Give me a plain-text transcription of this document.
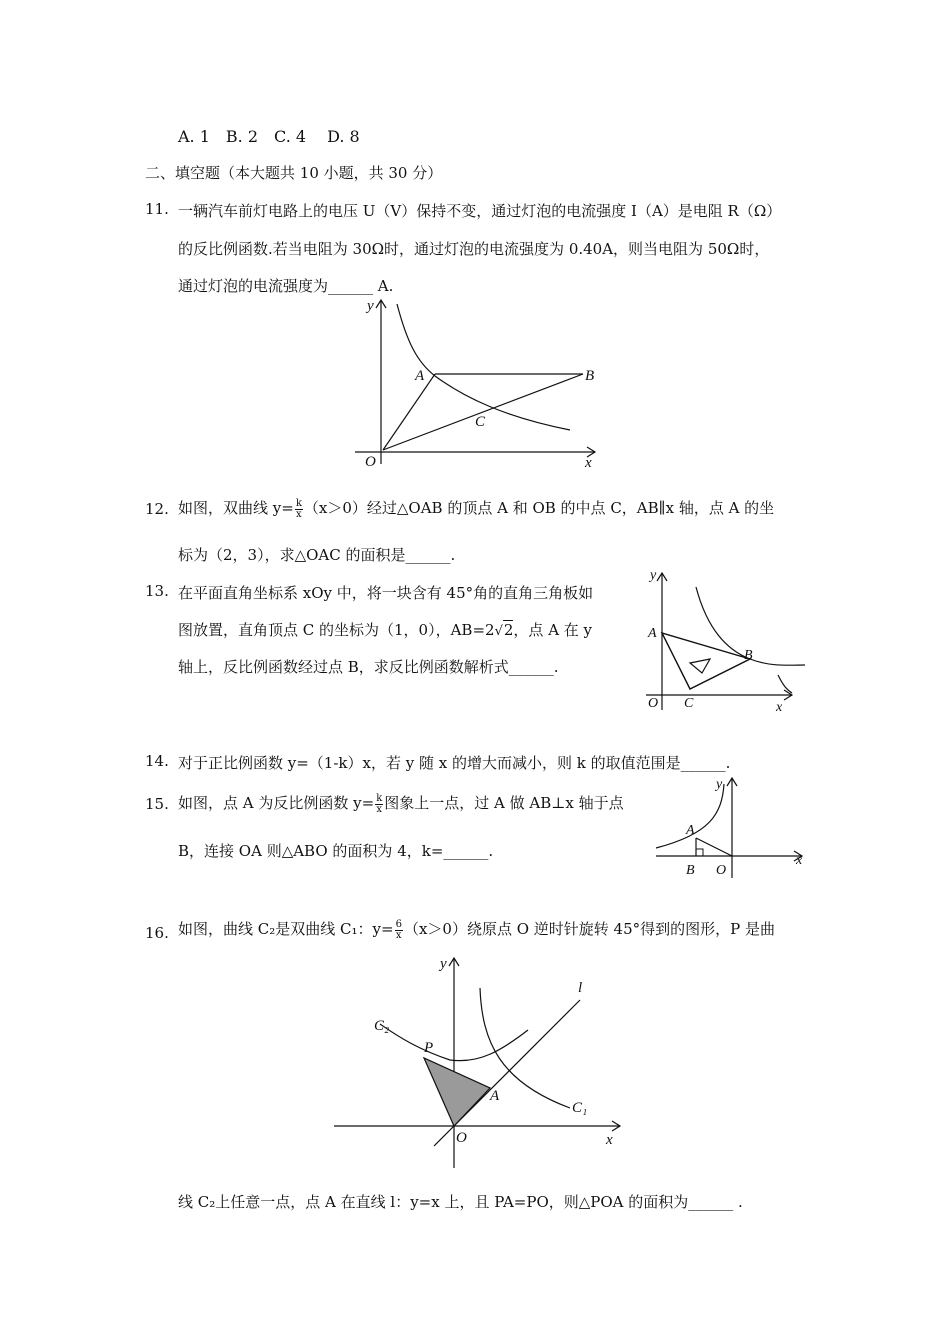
A. 1　B. 2　C. 4　 D. 8
二、填空题（本大题共 10 小题，共 30 分）
11. 一辆汽车前灯电路上的电压 U（V）保持不变，通过灯泡的电流强度 I（A）是电阻 R（Ω）
的反比例函数.若当电阻为 30Ω时，通过灯泡的电流强度为 0.40A，则当电阻为 50Ω时，
通过灯泡的电流强度为______ A.
y
x
O
A	B
C
12. 如图，双曲线 $y= \frac{k}{x} (x>0)$经过△OAB 的顶点 A 和 OB 的中点 C，AB∥x 轴，点 A 的坐
标为（2，3），求△OAC 的面积是______.
13. 在平面直角坐标系 xOy 中，将一块含有 45°角的直角三角板如
图放置，直角顶点 C 的坐标为（1，0），AB=2√2，点 A 在 y
轴上，反比例函数经过点 B，求反比例函数解析式______.
y
x
O
A
B
C
14. 对于正比例函数 y=（1-k）x，若 y 随 x 的增大而减小，则 k 的取值范围是______.
15. 如图，点 A 为反比例函数 $y= \frac{k}{x}$ 图象上一点，过 A 做 AB⊥x 轴于点
B，连接 OA 则△ABO 的面积为 4，k=______.
y
x
O
A
B
16. 如图，曲线 C₂是双曲线 C₁：$y= \frac{6}{x} (x>0)$绕原点 O 逆时针旋转 45°得到的图形，P 是曲
线 C₂上任意一点，点 A 在直线 l：y=x 上，且 PA=PO，则△POA 的面积为______ .
y
x
O
A
P
C₁
C₂
l
